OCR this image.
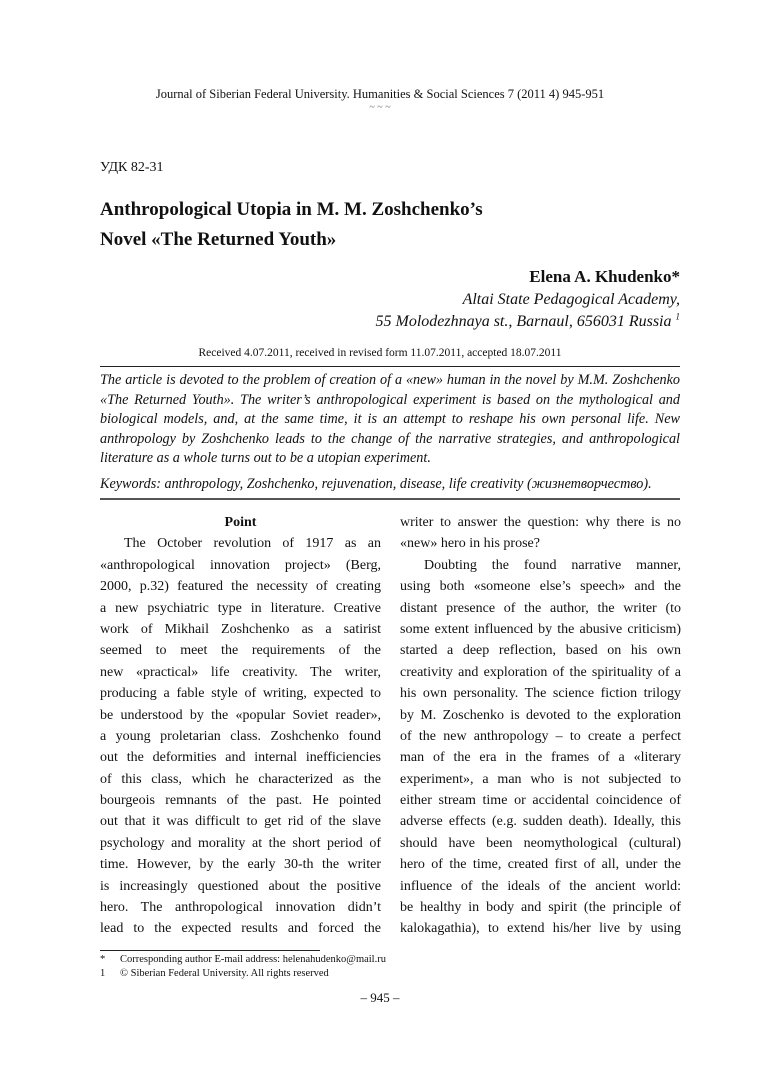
Journal of Siberian Federal University. Humanities & Social Sciences 7 (2011 4) 945-951
~ ~ ~
УДК 82-31
Anthropological Utopia in M. M. Zoshchenko’s
Novel «The Returned Youth»
Elena A. Khudenko*
Altai State Pedagogical Academy,
55 Molodezhnaya st., Barnaul, 656031 Russia $^1$
Received 4.07.2011, received in revised form 11.07.2011, accepted 18.07.2011
The article is devoted to the problem of creation of a «new» human in the novel by M.M. Zoshchenko «The Returned Youth». The writer’s anthropological experiment is based on the mythological and biological models, and, at the same time, it is an attempt to reshape his own personal life. New anthropology by Zoshchenko leads to the change of the narrative strategies, and anthropological literature as a whole turns out to be a utopian experiment.
Keywords: anthropology, Zoshchenko, rejuvenation, disease, life creativity (жизнетворчество).
Point
The October revolution of 1917 as an
«anthropological innovation project» (Berg,
2000, p.32) featured the necessity of creating
a new psychiatric type in literature. Creative
work of Mikhail Zoshchenko as a satirist
seemed to meet the requirements of the
new «practical» life creativity. The writer,
producing a fable style of writing, expected to
be understood by the «popular Soviet reader»,
a young proletarian class. Zoshchenko found
out the deformities and internal inefficiencies
of this class, which he characterized as the
bourgeois remnants of the past. He pointed
out that it was difficult to get rid of the slave
psychology and morality at the short period of
time. However, by the early 30-th the writer
is increasingly questioned about the positive
hero. The anthropological innovation didn’t
lead to the expected results and forced the
writer to answer the question: why there is no
«new» hero in his prose?
Doubting the found narrative manner,
using both «someone else’s speech» and the
distant presence of the author, the writer (to
some extent influenced by the abusive criticism)
started a deep reflection, based on his own
creativity and exploration of the spirituality of a
his own personality. The science fiction trilogy
by M. Zoschenko is devoted to the exploration
of the new anthropology – to create a perfect
man of the era in the frames of a «literary
experiment», a man who is not subjected to
either stream time or accidental coincidence of
adverse effects (e.g. sudden death). Ideally, this
should have been neomythological (cultural)
hero of the time, created first of all, under the
influence of the ideals of the ancient world:
be healthy in body and spirit (the principle of
kalokagathia), to extend his/her live by using
* Corresponding author E-mail address: helenahudenko@mail.ru
1 © Siberian Federal University. All rights reserved
– 945 –
